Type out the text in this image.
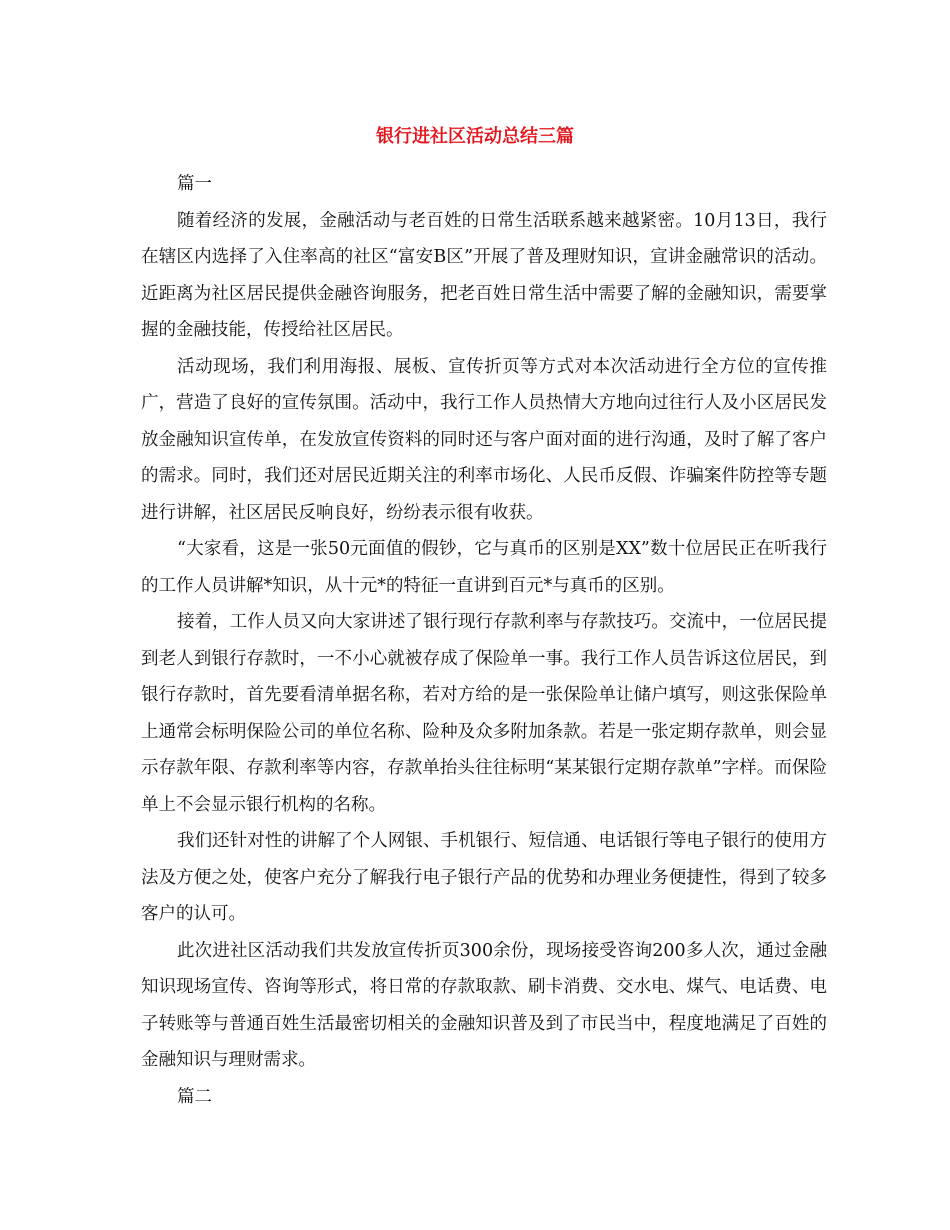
银行进社区活动总结三篇

篇一

随着经济的发展，金融活动与老百姓的日常生活联系越来越紧密。10月13日，我行在辖区内选择了入住率高的社区“富安B区”开展了普及理财知识，宣讲金融常识的活动。近距离为社区居民提供金融咨询服务，把老百姓日常生活中需要了解的金融知识，需要掌握的金融技能，传授给社区居民。

活动现场，我们利用海报、展板、宣传折页等方式对本次活动进行全方位的宣传推广，营造了良好的宣传氛围。活动中，我行工作人员热情大方地向过往行人及小区居民发放金融知识宣传单，在发放宣传资料的同时还与客户面对面的进行沟通，及时了解了客户的需求。同时，我们还对居民近期关注的利率市场化、人民币反假、诈骗案件防控等专题进行讲解，社区居民反响良好，纷纷表示很有收获。

“大家看，这是一张50元面值的假钞，它与真币的区别是XX”数十位居民正在听我行的工作人员讲解*知识，从十元*的特征一直讲到百元*与真币的区别。

接着，工作人员又向大家讲述了银行现行存款利率与存款技巧。交流中，一位居民提到老人到银行存款时，一不小心就被存成了保险单一事。我行工作人员告诉这位居民，到银行存款时，首先要看清单据名称，若对方给的是一张保险单让储户填写，则这张保险单上通常会标明保险公司的单位名称、险种及众多附加条款。若是一张定期存款单，则会显示存款年限、存款利率等内容，存款单抬头往往标明“某某银行定期存款单”字样。而保险单上不会显示银行机构的名称。

我们还针对性的讲解了个人网银、手机银行、短信通、电话银行等电子银行的使用方法及方便之处，使客户充分了解我行电子银行产品的优势和办理业务便捷性，得到了较多客户的认可。

此次进社区活动我们共发放宣传折页300余份，现场接受咨询200多人次，通过金融知识现场宣传、咨询等形式，将日常的存款取款、刷卡消费、交水电、煤气、电话费、电子转账等与普通百姓生活最密切相关的金融知识普及到了市民当中，程度地满足了百姓的金融知识与理财需求。

篇二
